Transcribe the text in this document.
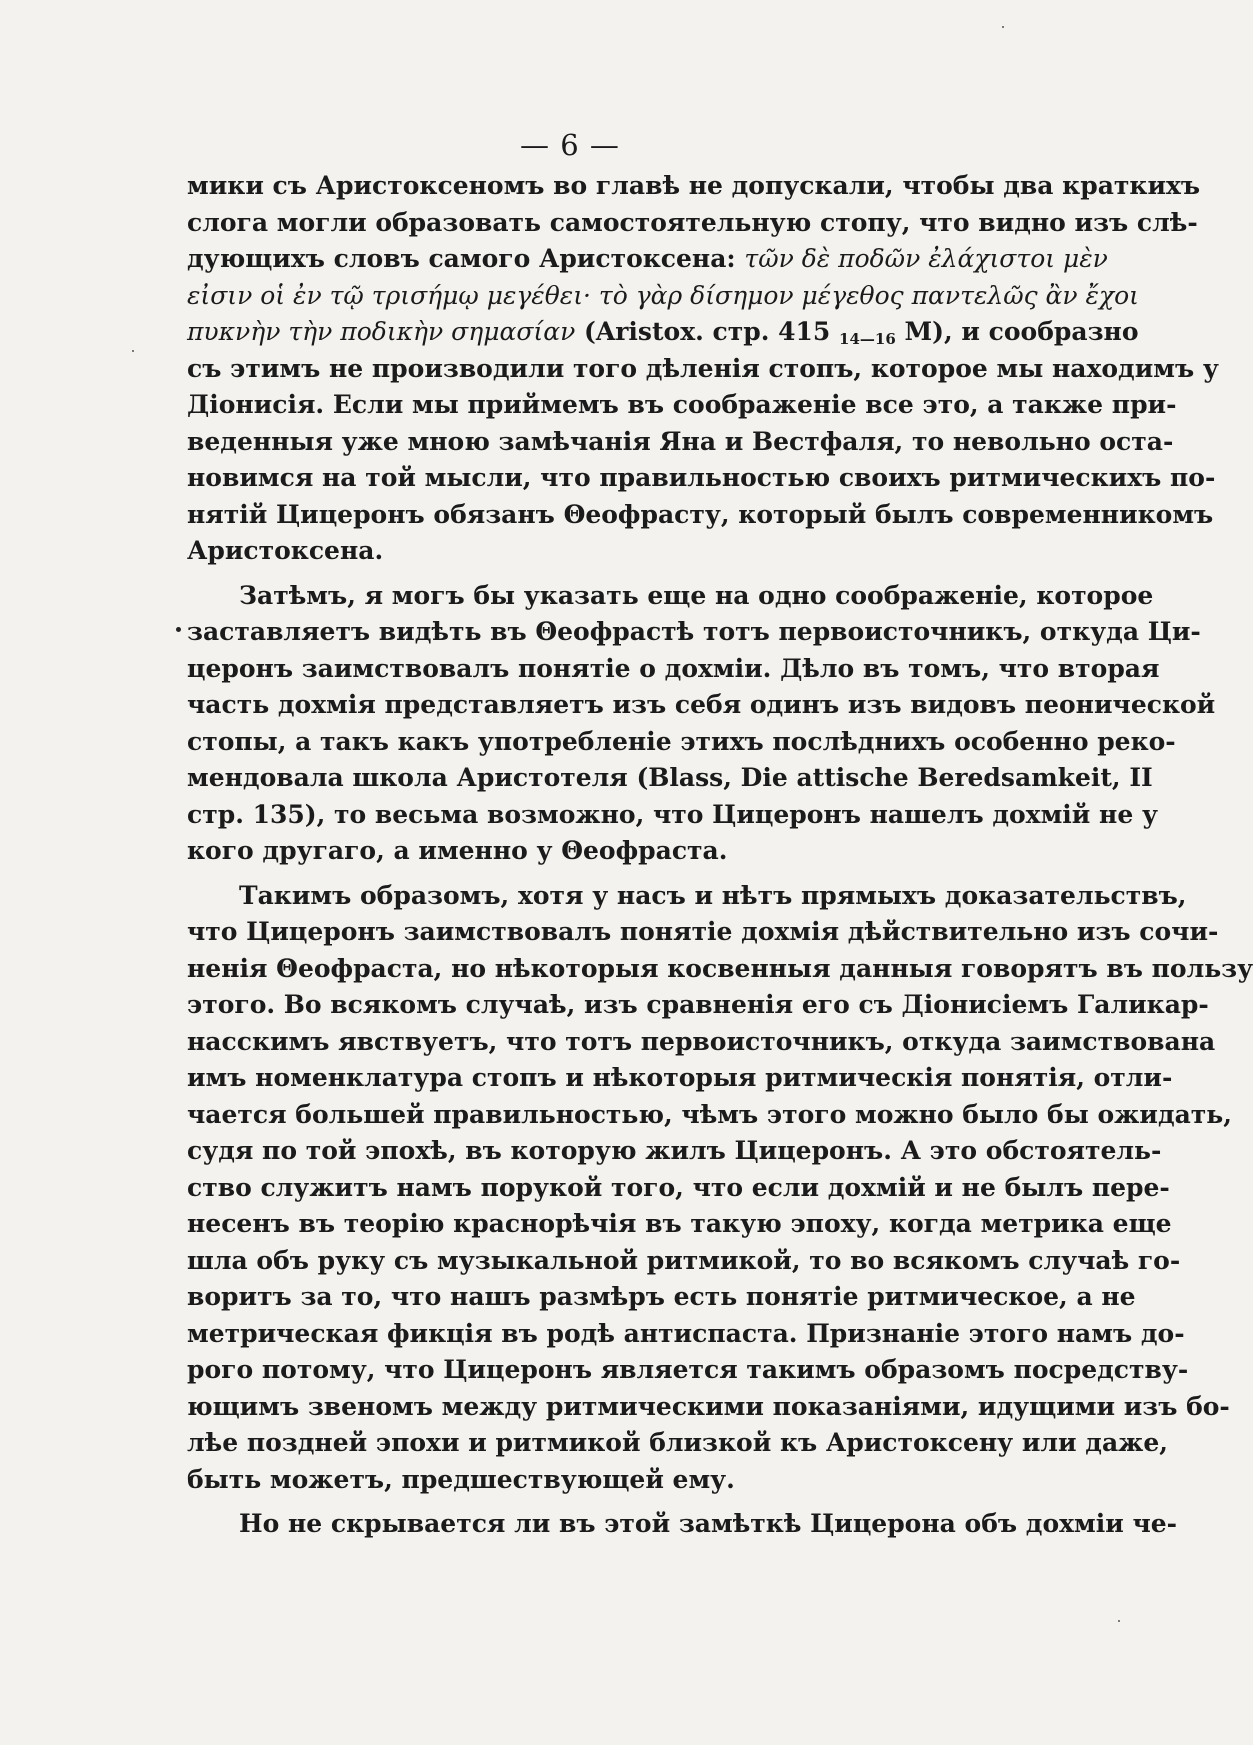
— 6 —
мики съ Аристоксеномъ во главѣ не допускали, чтобы два краткихъ
слога могли образовать самостоятельную стопу, что видно изъ слѣ-
дующихъ словъ самого Аристоксена: τῶν δὲ ποδῶν ἐλάχιστοι μὲν
εἰσιν οἱ ἐν τῷ τρισήμῳ μεγέθει· τὸ γὰρ δίσημον μέγεθος παντελῶς ἂν ἔχοι
πυκνὴν τὴν ποδικὴν σημασίαν (Aristox. стр. 415 $_{14—16}$ M), и сообразно
съ этимъ не производили того дѣленія стопъ, которое мы находимъ у
Діонисія. Если мы приймемъ въ соображеніе все это, а также при-
веденныя уже мною замѣчанія Яна и Вестфаля, то невольно оста-
новимся на той мысли, что правильностью своихъ ритмическихъ по-
нятій Цицеронъ обязанъ Θеофрасту, который былъ современникомъ
Аристоксена.
Затѣмъ, я могъ бы указать еще на одно соображеніе, которое
заставляетъ видѣть въ Θеофрастѣ тотъ первоисточникъ, откуда Ци-
церонъ заимствовалъ понятіе о дохміи. Дѣло въ томъ, что вторая
часть дохмія представляетъ изъ себя одинъ изъ видовъ пеонической
стопы, а такъ какъ употребленіе этихъ послѣднихъ особенно реко-
мендовала школа Аристотеля (Blass, Die attische Beredsamkeit, II
стр. 135), то весьма возможно, что Цицеронъ нашелъ дохмій не у
кого другаго, а именно у Θеофраста.
Такимъ образомъ, хотя у насъ и нѣтъ прямыхъ доказательствъ,
что Цицеронъ заимствовалъ понятіе дохмія дѣйствительно изъ сочи-
ненія Θеофраста, но нѣкоторыя косвенныя данныя говорятъ въ пользу
этого. Во всякомъ случаѣ, изъ сравненія его съ Діонисіемъ Галикар-
насскимъ явствуетъ, что тотъ первоисточникъ, откуда заимствована
имъ номенклатура стопъ и нѣкоторыя ритмическія понятія, отли-
чается большей правильностью, чѣмъ этого можно было бы ожидать,
судя по той эпохѣ, въ которую жилъ Цицеронъ. А это обстоятель-
ство служитъ намъ порукой того, что если дохмій и не былъ пере-
несенъ въ теорію краснорѣчія въ такую эпоху, когда метрика еще
шла объ руку съ музыкальной ритмикой, то во всякомъ случаѣ го-
воритъ за то, что нашъ размѣръ есть понятіе ритмическое, а не
метрическая фикція въ родѣ антиспаста. Признаніе этого намъ до-
рого потому, что Цицеронъ является такимъ образомъ посредству-
ющимъ звеномъ между ритмическими показаніями, идущими изъ бо-
лѣе поздней эпохи и ритмикой близкой къ Аристоксену или даже,
быть можетъ, предшествующей ему.
Но не скрывается ли въ этой замѣткѣ Цицерона объ дохміи че-
